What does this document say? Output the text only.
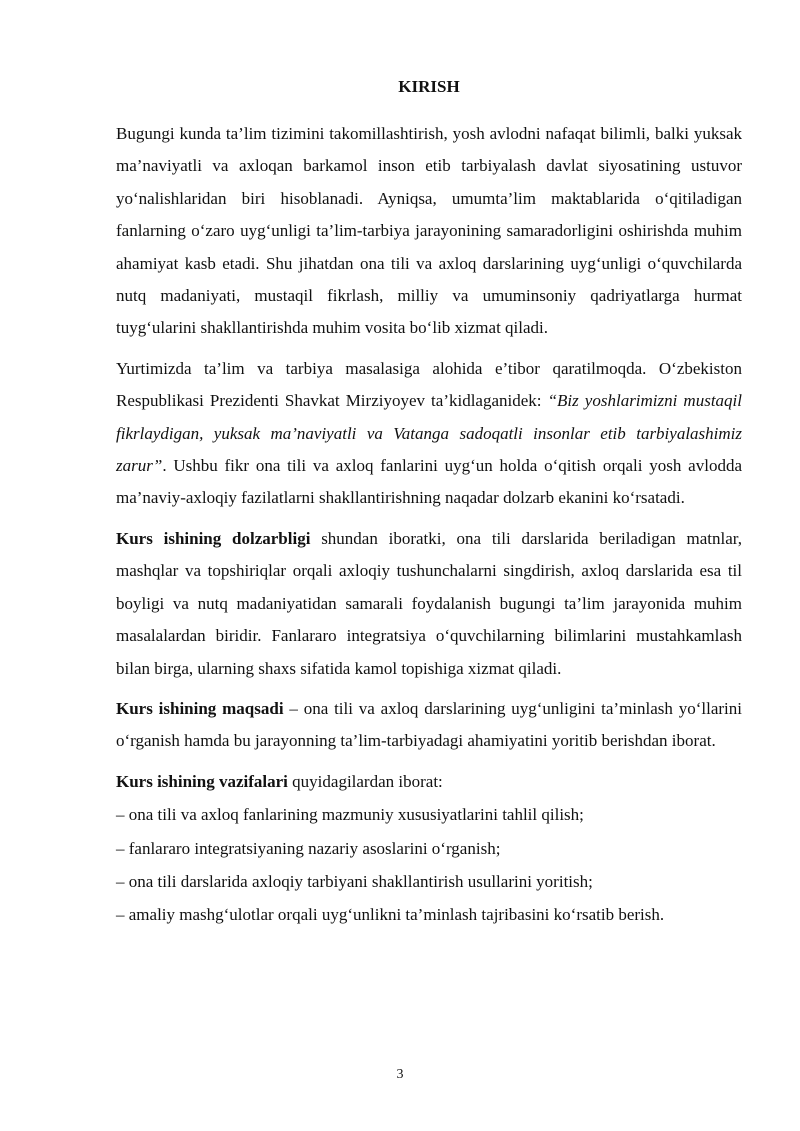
KIRISH

Bugungi kunda ta’lim tizimini takomillashtirish, yosh avlodni nafaqat bilimli, balki yuksak ma’naviyatli va axloqan barkamol inson etib tarbiyalash davlat siyosatining ustuvor yo‘nalishlaridan biri hisoblanadi. Ayniqsa, umumta’lim maktablarida o‘qitiladigan fanlarning o‘zaro uyg‘unligi ta’lim-tarbiya jarayonining samaradorligini oshirishda muhim ahamiyat kasb etadi. Shu jihatdan ona tili va axloq darslarining uyg‘unligi o‘quvchilarda nutq madaniyati, mustaqil fikrlash, milliy va umuminsoniy qadriyatlarga hurmat tuyg‘ularini shakllantirishda muhim vosita bo‘lib xizmat qiladi.

Yurtimizda ta’lim va tarbiya masalasiga alohida e’tibor qaratilmoqda. O‘zbekiston Respublikasi Prezidenti Shavkat Mirziyoyev ta’kidlaganidek: “Biz yoshlarimizni mustaqil fikrlaydigan, yuksak ma’naviyatli va Vatanga sadoqatli insonlar etib tarbiyalashimiz zarur”. Ushbu fikr ona tili va axloq fanlarini uyg‘un holda o‘qitish orqali yosh avlodda ma’naviy-axloqiy fazilatlarni shakllantirishning naqadar dolzarb ekanini ko‘rsatadi.

Kurs ishining dolzarbligi shundan iboratki, ona tili darslarida beriladigan matnlar, mashqlar va topshiriqlar orqali axloqiy tushunchalarni singdirish, axloq darslarida esa til boyligi va nutq madaniyatidan samarali foydalanish bugungi ta’lim jarayonida muhim masalalardan biridir. Fanlararo integratsiya o‘quvchilarning bilimlarini mustahkamlash bilan birga, ularning shaxs sifatida kamol topishiga xizmat qiladi.

Kurs ishining maqsadi – ona tili va axloq darslarining uyg‘unligini ta’minlash yo‘llarini o‘rganish hamda bu jarayonning ta’lim-tarbiyadagi ahamiyatini yoritib berishdan iborat.

Kurs ishining vazifalari quyidagilardan iborat:

– ona tili va axloq fanlarining mazmuniy xususiyatlarini tahlil qilish;

– fanlararo integratsiyaning nazariy asoslarini o‘rganish;

– ona tili darslarida axloqiy tarbiyani shakllantirish usullarini yoritish;

– amaliy mashg‘ulotlar orqali uyg‘unlikni ta’minlash tajribasini ko‘rsatib berish.

3
